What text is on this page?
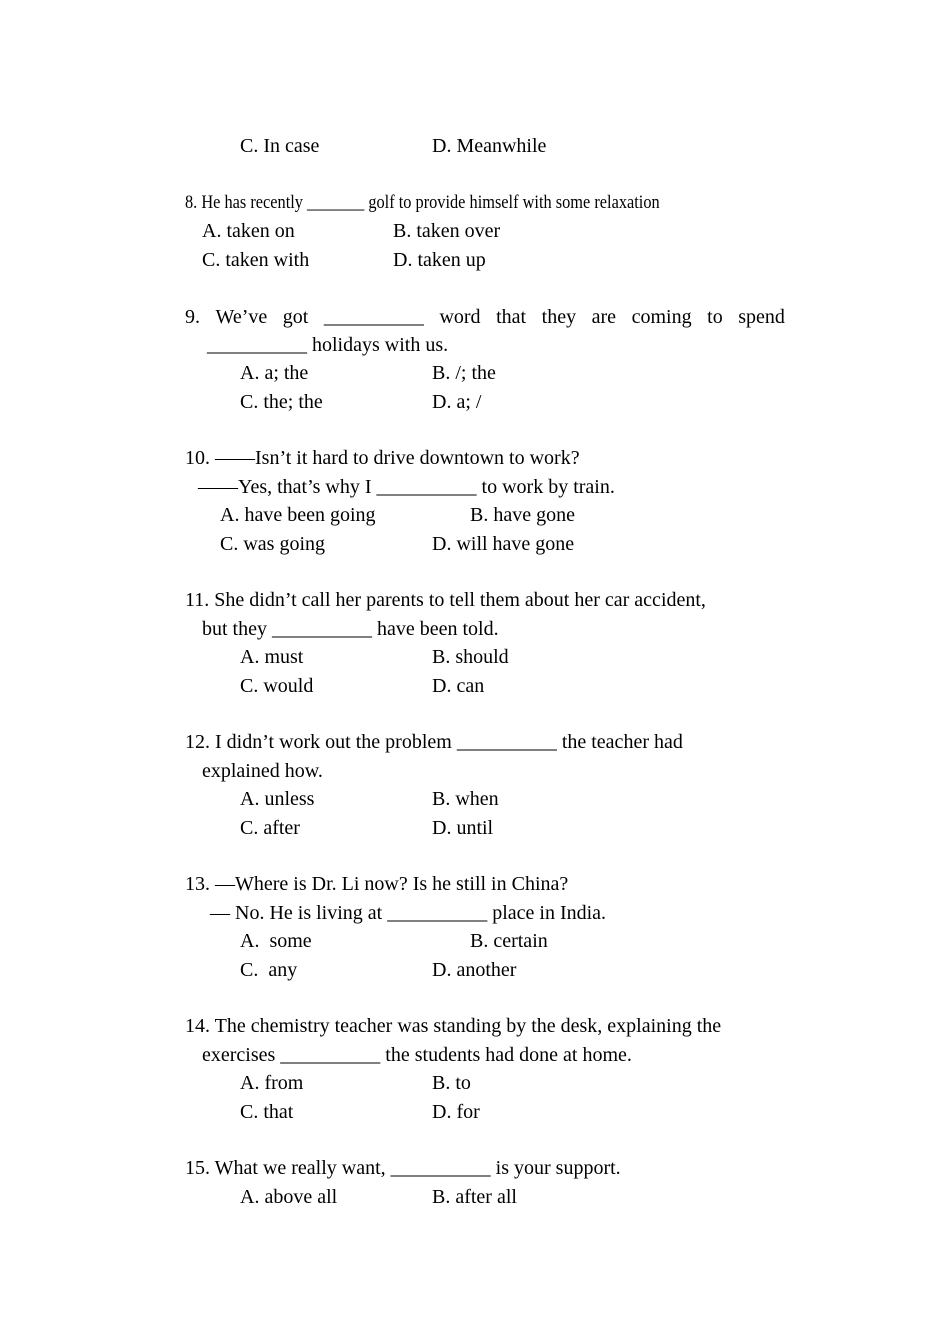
C. In case	D. Meanwhile
8. He has recently _______ golf to provide himself with some relaxation
A. taken on	B. taken over
C. taken with	D. taken up
9. We’ve got __________ word that they are coming to spend
__________ holidays with us.
A. a; the	B. /; the
C. the; the	D. a; /
10. ——Isn’t it hard to drive downtown to work?
——Yes, that’s why I __________ to work by train.
A. have been going	B. have gone
C. was going	D. will have gone
11. She didn’t call her parents to tell them about her car accident,
but they __________ have been told.
A. must	B. should
C. would	D. can
12. I didn’t work out the problem __________ the teacher had
explained how.
A. unless	B. when
C. after	D. until
13. —Where is Dr. Li now? Is he still in China?
— No. He is living at __________ place in India.
A.  some	B. certain
C.  any	D. another
14. The chemistry teacher was standing by the desk, explaining the
exercises __________ the students had done at home.
A. from	B. to
C. that	D. for
15. What we really want, __________ is your support.
A. above all	B. after all
